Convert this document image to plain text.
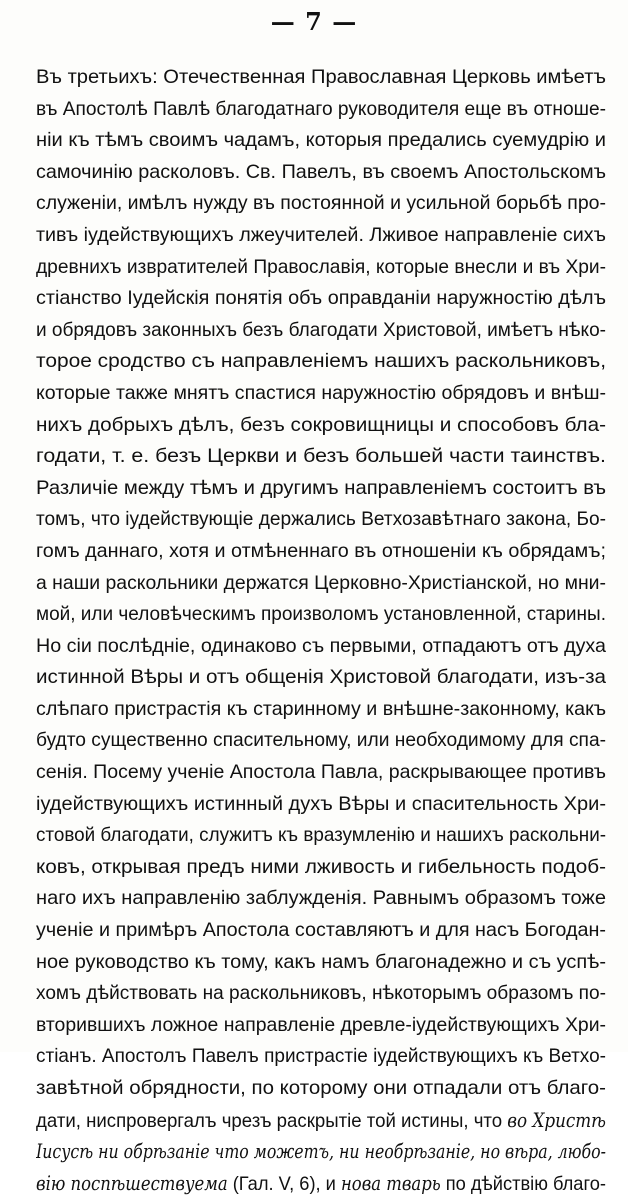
— 7 —
Въ третьихъ: Отечественная Православная Церковь имѣетъ
въ Апостолѣ Павлѣ благодатнаго руководителя еще въ отноше-
ніи къ тѣмъ своимъ чадамъ, которыя предались суемудрію и
самочинію расколовъ. Св. Павелъ, въ своемъ Апостольскомъ
служеніи, имѣлъ нужду въ постоянной и усильной борьбѣ про-
тивъ іудействующихъ лжеучителей. Лживое направленіе сихъ
древнихъ извратителей Православія, которые внесли и въ Хри-
стіанство Іудейскія понятія объ оправданіи наружностію дѣлъ
и обрядовъ законныхъ безъ благодати Христовой, имѣетъ нѣко-
торое сродство съ направленіемъ нашихъ раскольниковъ,
которые также мнятъ спастися наружностію обрядовъ и внѣш-
нихъ добрыхъ дѣлъ, безъ сокровищницы и способовъ бла-
годати, т. е. безъ Церкви и безъ большей части таинствъ.
Различіе между тѣмъ и другимъ направленіемъ состоитъ въ
томъ, что іудействующіе держались Ветхозавѣтнаго закона, Бо-
гомъ даннаго, хотя и отмѣненнаго въ отношеніи къ обрядамъ;
а наши раскольники держатся Церковно-Христіанской, но мни-
мой, или человѣческимъ произволомъ установленной, старины.
Но сіи послѣдніе, одинаково съ первыми, отпадаютъ отъ духа
истинной Вѣры и отъ общенія Христовой благодати, изъ-за
слѣпаго пристрастія къ старинному и внѣшне-законному, какъ
будто существенно спасительному, или необходимому для спа-
сенія. Посему ученіе Апостола Павла, раскрывающее противъ
іудействующихъ истинный духъ Вѣры и спасительность Хри-
стовой благодати, служитъ къ вразумленію и нашихъ раскольни-
ковъ, открывая предъ ними лживость и гибельность подоб-
наго ихъ направленію заблужденія. Равнымъ образомъ тоже
ученіе и примѣръ Апостола составляютъ и для насъ Богодан-
ное руководство къ тому, какъ намъ благонадежно и съ успѣ-
хомъ дѣйствовать на раскольниковъ, нѣкоторымъ образомъ по-
вторившихъ ложное направленіе древле-іудействующихъ Хри-
стіанъ. Апостолъ Павелъ пристрастіе іудействующихъ къ Ветхо-
завѣтной обрядности, по которому они отпадали отъ благо-
дати, ниспровергалъ чрезъ раскрытіе той истины, что во Христѣ
Іисусѣ ни обрѣзаніе что можетъ, ни необрѣзаніе, но вѣра, любо-
вію поспѣшествуема (Гал. V, 6), и нова тварь по дѣйствію благо-
